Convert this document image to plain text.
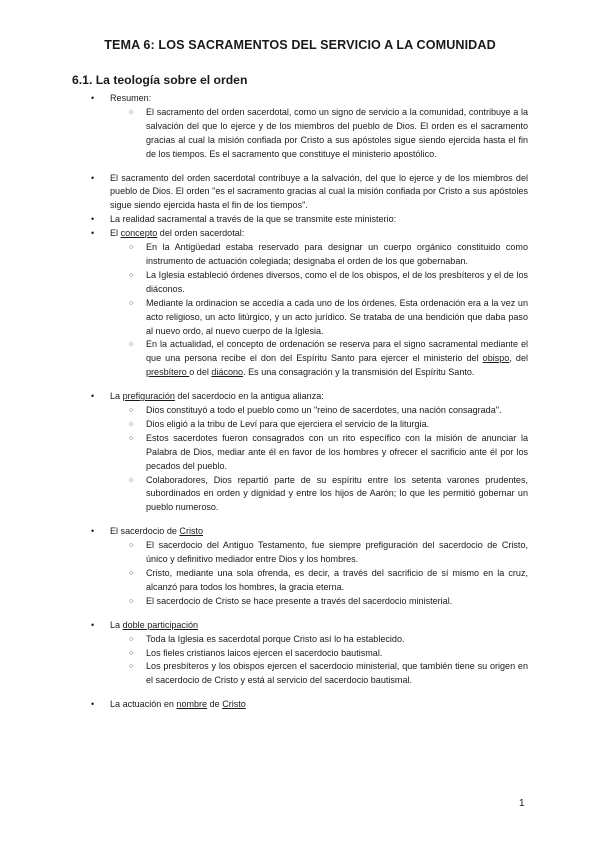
TEMA 6: LOS SACRAMENTOS DEL SERVICIO A LA COMUNIDAD
6.1. La teología sobre el orden
• Resumen:
○ El sacramento del orden sacerdotal, como un signo de servicio a la comunidad, contribuye a la salvación del que lo ejerce y de los miembros del pueblo de Dios. El orden es el sacramento gracias al cual la misión confiada por Cristo a sus apóstoles sigue siendo ejercida hasta el fin de los tiempos. Es el sacramento que constituye el ministerio apostólico.
• El sacramento del orden sacerdotal contribuye a la salvación, del que lo ejerce y de los miembros del pueblo de Dios. El orden "es el sacramento gracias al cual la misión confiada por Cristo a sus apóstoles sigue siendo ejercida hasta el fin de los tiempos".
• La realidad sacramental a través de la que se transmite este ministerio:
• El concepto del orden sacerdotal:
○ En la Antigüedad estaba reservado para designar un cuerpo orgánico constituido como instrumento de actuación colegiada; designaba el orden de los que gobernaban.
○ La Iglesia estableció órdenes diversos, como el de los obispos, el de los presbíteros y el de los diáconos.
○ Mediante la ordinacion se accedía a cada uno de los órdenes. Esta ordenación era a la vez un acto religioso, un acto litúrgico, y un acto jurídico. Se trataba de una bendición que daba paso al nuevo ordo, al nuevo cuerpo de la Iglesia.
○ En la actualidad, el concepto de ordenación se reserva para el signo sacramental mediante el que una persona recibe el don del Espíritu Santo para ejercer el ministerio del obispo, del presbítero o del diácono. Es una consagración y la transmisión del Espíritu Santo.
• La prefiguración del sacerdocio en la antigua alianza:
○ Dios constituyó a todo el pueblo como un "reino de sacerdotes, una nación consagrada".
○ Dios eligió a la tribu de Leví para que ejerciera el servicio de la liturgia.
○ Estos sacerdotes fueron consagrados con un rito específico con la misión de anunciar la Palabra de Dios, mediar ante él en favor de los hombres y ofrecer el sacrificio ante él por los pecados del pueblo.
○ Colaboradores, Dios repartió parte de su espíritu entre los setenta varones prudentes, subordinados en orden y dignidad y entre los hijos de Aarón; lo que les permitió gobernar un pueblo numeroso.
• El sacerdocio de Cristo
○ El sacerdocio del Antiguo Testamento, fue siempre prefiguración del sacerdocio de Cristo, único y definitivo mediador entre Dios y los hombres.
○ Cristo, mediante una sola ofrenda, es decir, a través del sacrificio de sí mismo en la cruz, alcanzó para todos los hombres, la gracia eterna.
○ El sacerdocio de Cristo se hace presente a través del sacerdocio ministerial.
• La doble participación
○ Toda la Iglesia es sacerdotal porque Cristo así lo ha establecido.
○ Los fieles cristianos laicos ejercen el sacerdocio bautismal.
○ Los presbíteros y los obispos ejercen el sacerdocio ministerial, que también tiene su origen en el sacerdocio de Cristo y está al servicio del sacerdocio bautismal.
• La actuación en nombre de Cristo
1
